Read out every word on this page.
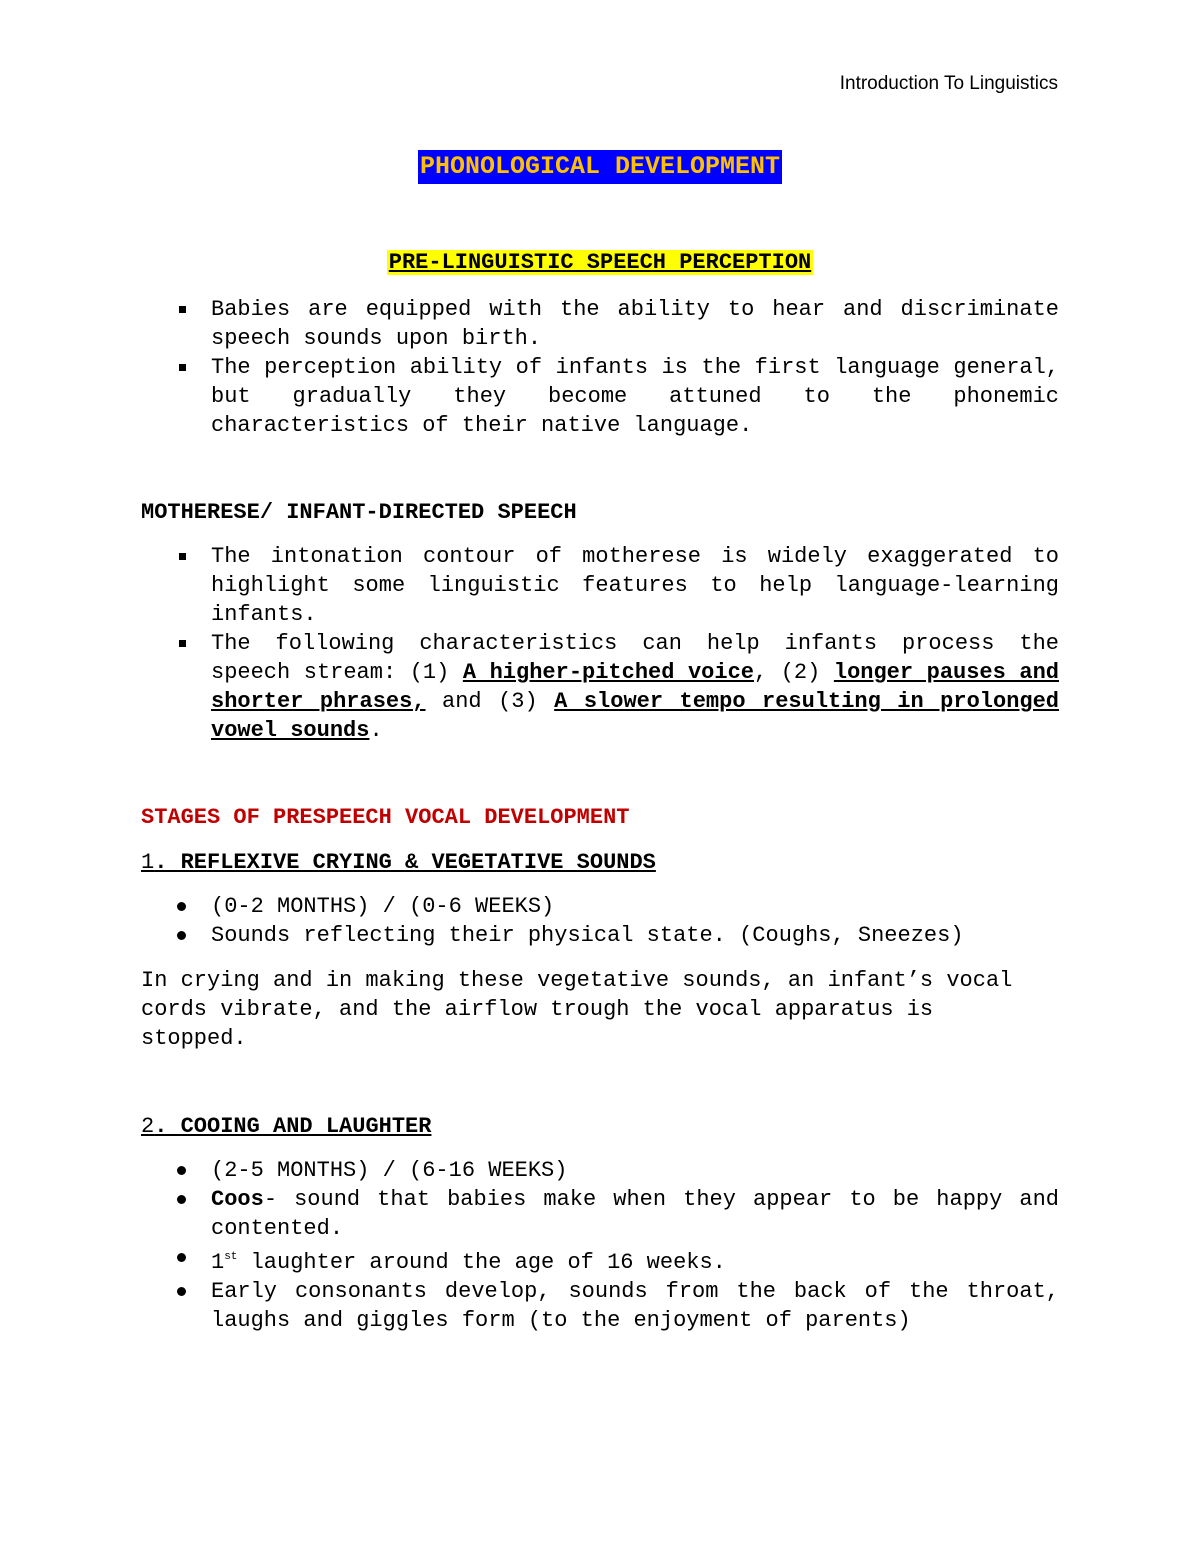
Introduction To Linguistics
PHONOLOGICAL DEVELOPMENT
PRE-LINGUISTIC SPEECH PERCEPTION
Babies are equipped with the ability to hear and discriminate speech sounds upon birth.
The perception ability of infants is the first language general, but gradually they become attuned to the phonemic characteristics of their native language.
MOTHERESE/ INFANT-DIRECTED SPEECH
The intonation contour of motherese is widely exaggerated to highlight some linguistic features to help language-learning infants.
The following characteristics can help infants process the speech stream: (1) A higher-pitched voice, (2) longer pauses and shorter phrases, and (3) A slower tempo resulting in prolonged vowel sounds.
STAGES OF PRESPEECH VOCAL DEVELOPMENT
1. REFLEXIVE CRYING & VEGETATIVE SOUNDS
(0-2 MONTHS) / (0-6 WEEKS)
Sounds reflecting their physical state. (Coughs, Sneezes)
In crying and in making these vegetative sounds, an infant’s vocal cords vibrate, and the airflow trough the vocal apparatus is stopped.
2. COOING AND LAUGHTER
(2-5 MONTHS) / (6-16 WEEKS)
Coos- sound that babies make when they appear to be happy and contented.
1st laughter around the age of 16 weeks.
Early consonants develop, sounds from the back of the throat, laughs and giggles form (to the enjoyment of parents)
